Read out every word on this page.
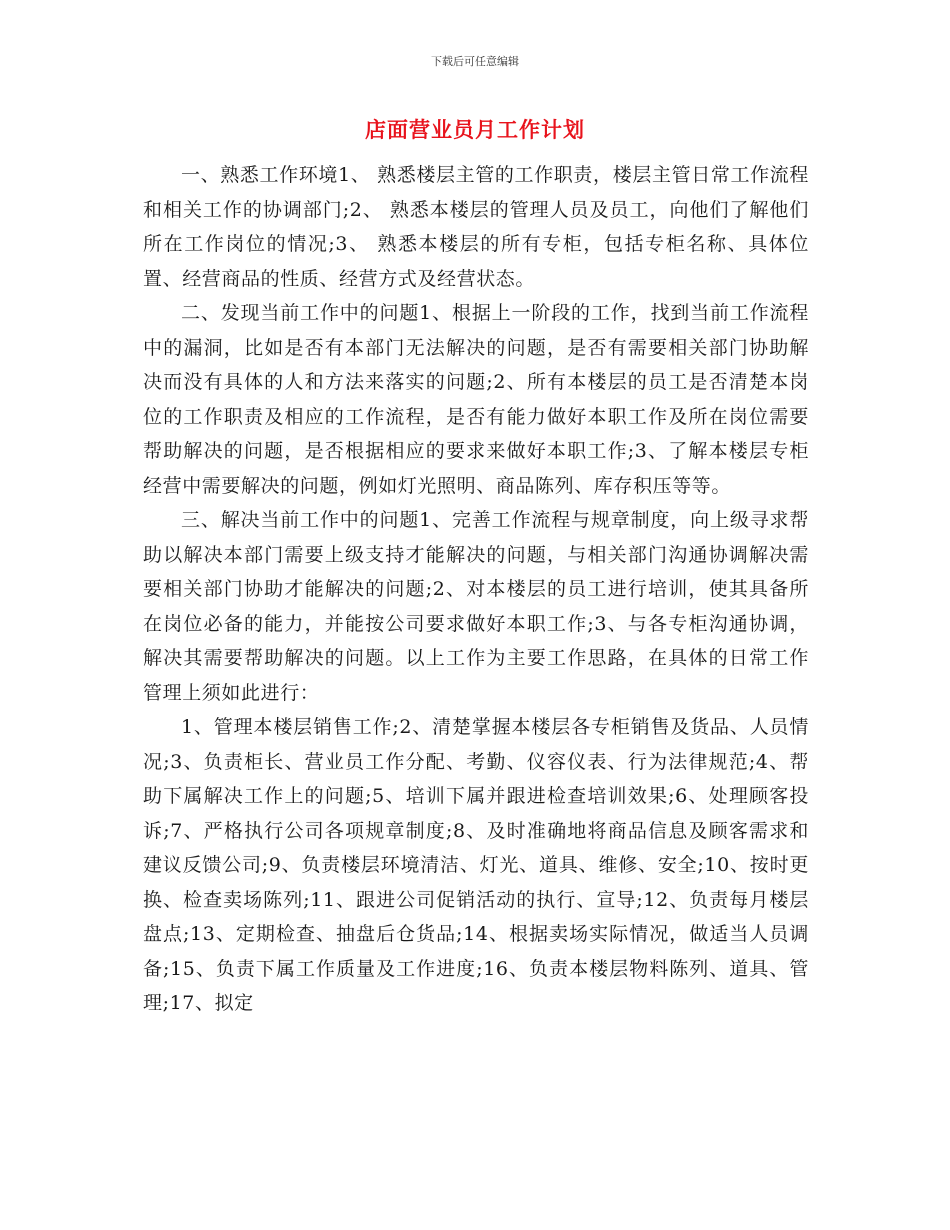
下载后可任意编辑
店面营业员月工作计划

一、熟悉工作环境1、 熟悉楼层主管的工作职责，楼层主管日常工作流程和相关工作的协调部门;2、 熟悉本楼层的管理人员及员工，向他们了解他们所在工作岗位的情况;3、 熟悉本楼层的所有专柜，包括专柜名称、具体位置、经营商品的性质、经营方式及经营状态。

二、发现当前工作中的问题1、根据上一阶段的工作，找到当前工作流程中的漏洞，比如是否有本部门无法解决的问题，是否有需要相关部门协助解决而没有具体的人和方法来落实的问题;2、所有本楼层的员工是否清楚本岗位的工作职责及相应的工作流程，是否有能力做好本职工作及所在岗位需要帮助解决的问题，是否根据相应的要求来做好本职工作;3、了解本楼层专柜经营中需要解决的问题，例如灯光照明、商品陈列、库存积压等等。

三、解决当前工作中的问题1、完善工作流程与规章制度，向上级寻求帮助以解决本部门需要上级支持才能解决的问题，与相关部门沟通协调解决需要相关部门协助才能解决的问题;2、对本楼层的员工进行培训，使其具备所在岗位必备的能力，并能按公司要求做好本职工作;3、与各专柜沟通协调，解决其需要帮助解决的问题。以上工作为主要工作思路，在具体的日常工作管理上须如此进行：

1、管理本楼层销售工作;2、清楚掌握本楼层各专柜销售及货品、人员情况;3、负责柜长、营业员工作分配、考勤、仪容仪表、行为法律规范;4、帮助下属解决工作上的问题;5、培训下属并跟进检查培训效果;6、处理顾客投诉;7、严格执行公司各项规章制度;8、及时准确地将商品信息及顾客需求和建议反馈公司;9、负责楼层环境清洁、灯光、道具、维修、安全;10、按时更换、检查卖场陈列;11、跟进公司促销活动的执行、宣导;12、负责每月楼层盘点;13、定期检查、抽盘后仓货品;14、根据卖场实际情况，做适当人员调备;15、负责下属工作质量及工作进度;16、负责本楼层物料陈列、道具、管理;17、拟定
